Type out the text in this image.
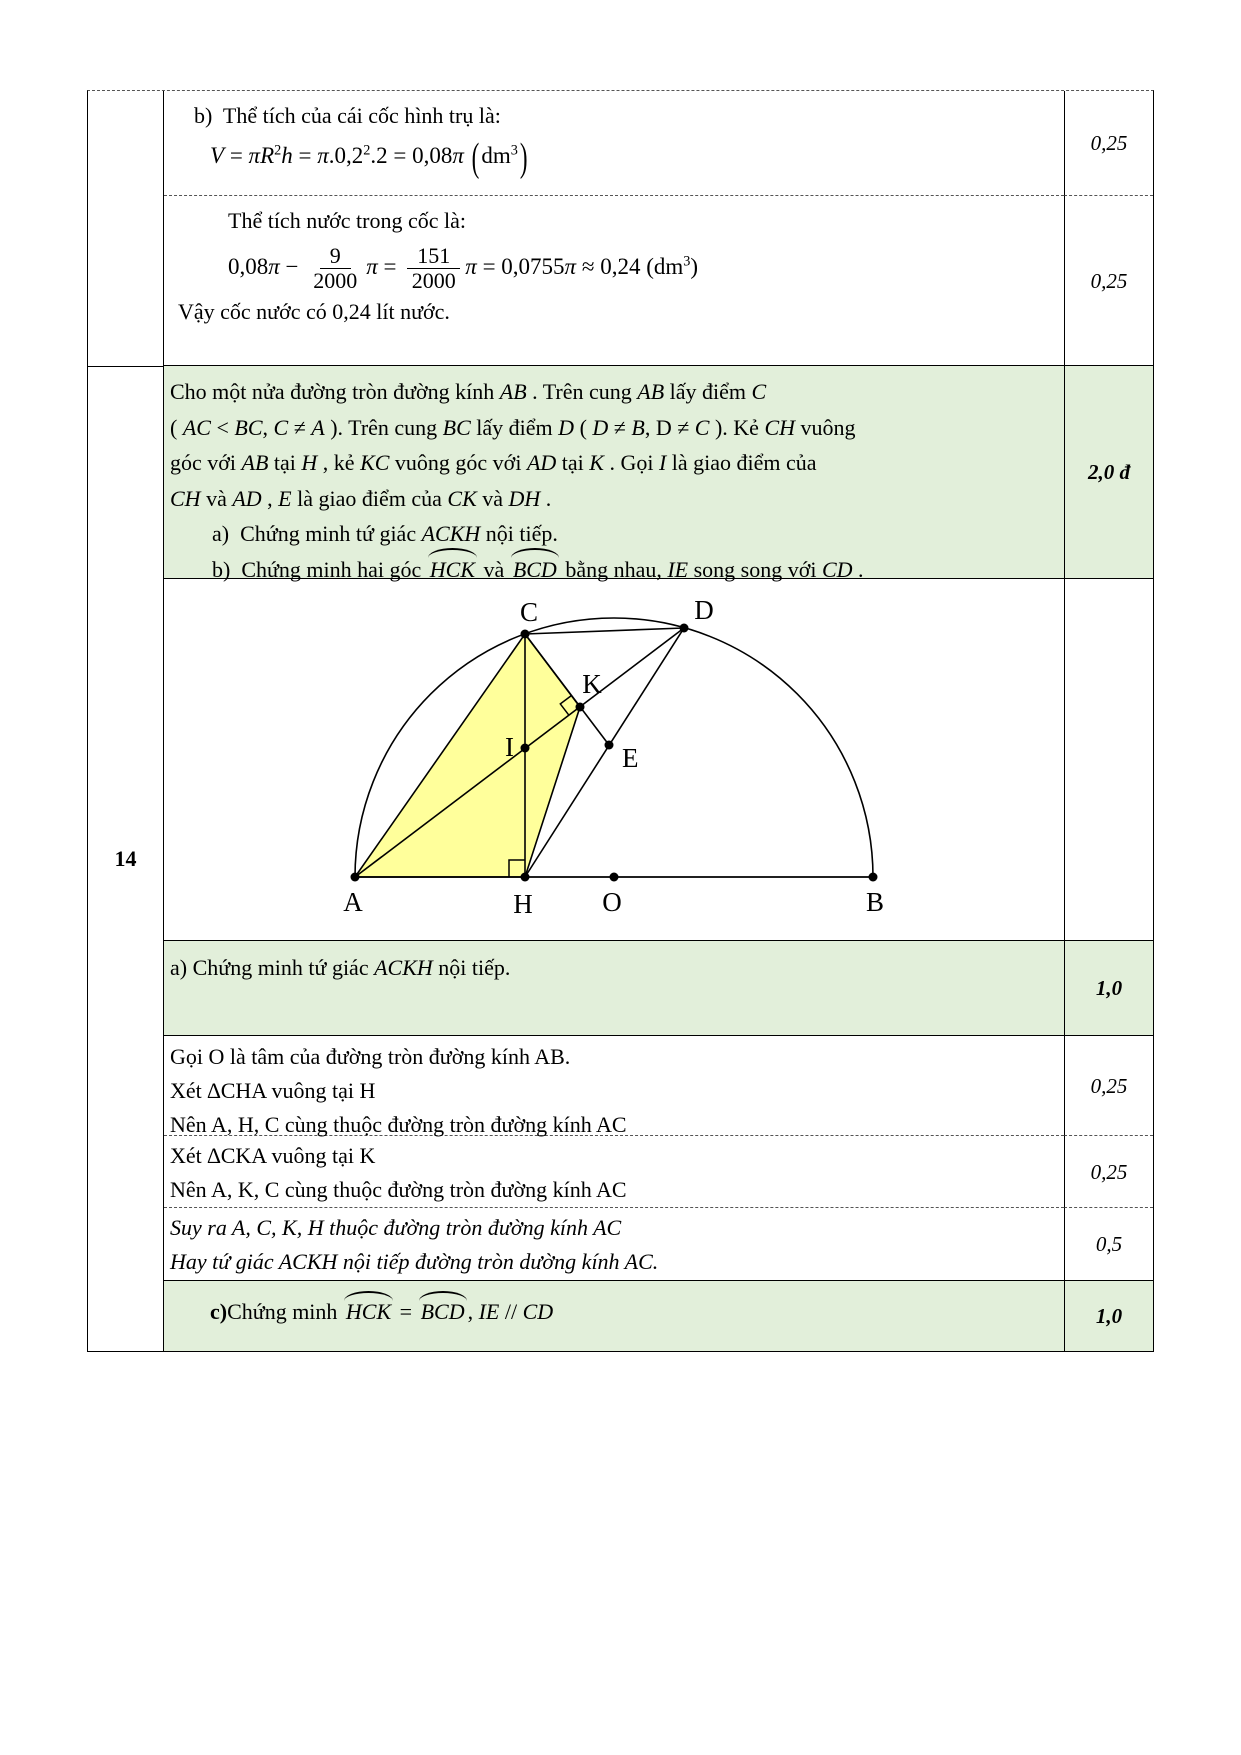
14
b)  Thể tích của cái cốc hình trụ là:
$V = \pi R^2h = \pi.0,2^2.2 = 0,08\pi$ $(dm^3)$	0,25
Thể tích nước trong cốc là:
$0,08\pi - \frac{9}{2000}$ $\pi = \frac{151}{2000}$ π = 0,0755π ≈ 0,24 $(dm^3)$
Vậy cốc nước có 0,24 lít nước.
0,25
Cho một nửa đường tròn đường kính AB . Trên cung AB lấy điểm C
( AC < BC, C ≠ A ). Trên cung BC lấy điểm D ( D ≠ B, D ≠ C ). Kẻ CH vuông
góc với AB tại H , kẻ KC vuông góc với AD tại K . Gọi I là giao điểm của
CH và AD , E là giao điểm của CK và DH .
a)  Chứng minh tứ giác ACKH nội tiếp.
b)  Chứng minh hai góc HCK và BCD bằng nhau, IE song song với CD .
2,0 đ
C	D
K
I	E
A	H	O	B
a) Chứng minh tứ giác ACKH nội tiếp.
1,0
Gọi O là tâm của đường tròn đường kính AB.
Xét ∆CHA vuông tại H
Nên A, H, C cùng thuộc đường tròn đường kính AC
0,25
Xét ∆CKA vuông tại K
Nên A, K, C cùng thuộc đường tròn đường kính AC
0,25
Suy ra A, C, K, H thuộc đường tròn đường kính AC
Hay tứ giác ACKH nội tiếp đường tròn dường kính AC.
0,5
c)Chứng minh HCK = BCD , IE // CD	1,0
